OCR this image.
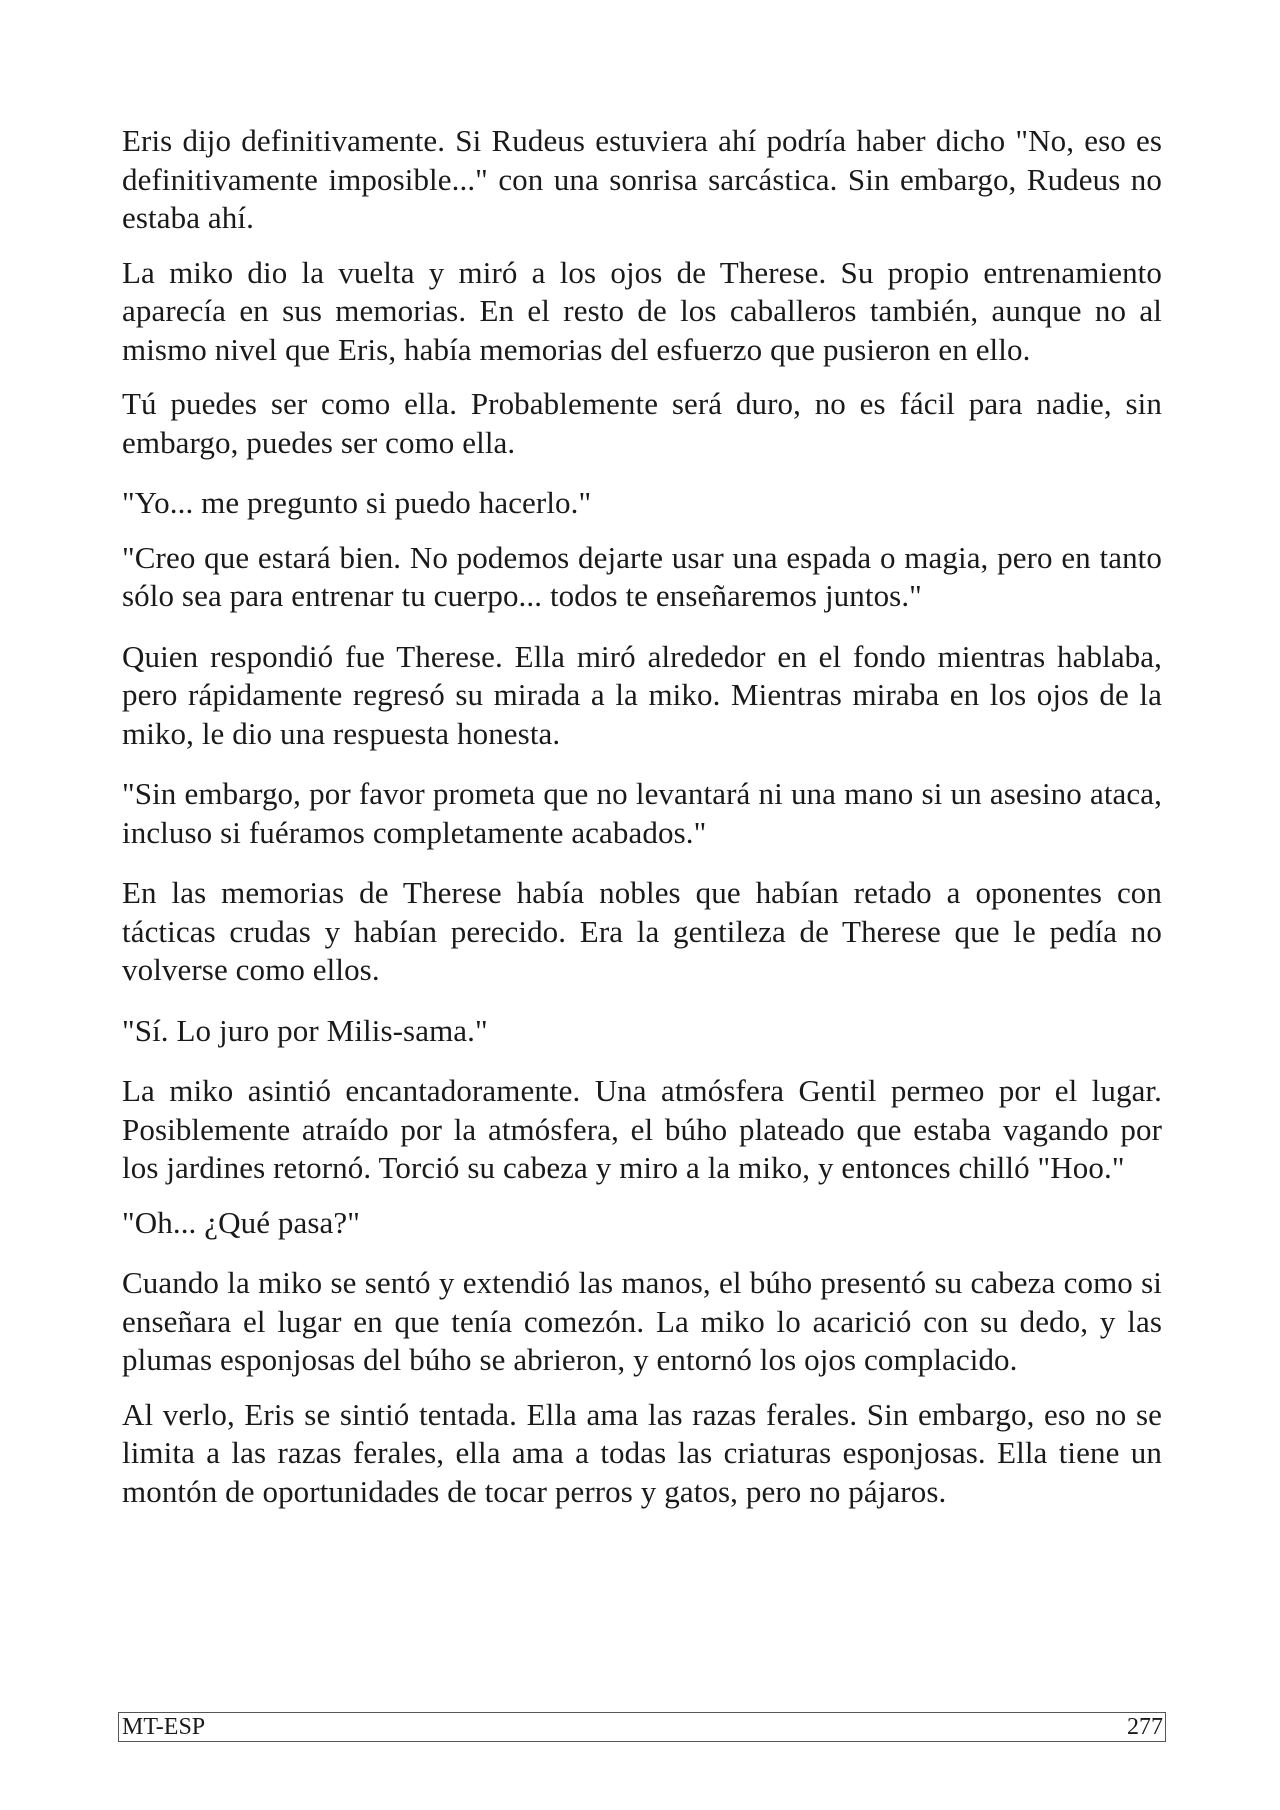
Eris dijo definitivamente. Si Rudeus estuviera ahí podría haber dicho "No, eso es definitivamente imposible..." con una sonrisa sarcástica. Sin embargo, Rudeus no estaba ahí.

La miko dio la vuelta y miró a los ojos de Therese. Su propio entrenamiento aparecía en sus memorias. En el resto de los caballeros también, aunque no al mismo nivel que Eris, había memorias del esfuerzo que pusieron en ello.

Tú puedes ser como ella. Probablemente será duro, no es fácil para nadie, sin embargo, puedes ser como ella.

"Yo... me pregunto si puedo hacerlo."

"Creo que estará bien. No podemos dejarte usar una espada o magia, pero en tanto sólo sea para entrenar tu cuerpo... todos te enseñaremos juntos."

Quien respondió fue Therese. Ella miró alrededor en el fondo mientras hablaba, pero rápidamente regresó su mirada a la miko. Mientras miraba en los ojos de la miko, le dio una respuesta honesta.

"Sin embargo, por favor prometa que no levantará ni una mano si un asesino ataca, incluso si fuéramos completamente acabados."

En las memorias de Therese había nobles que habían retado a oponentes con tácticas crudas y habían perecido. Era la gentileza de Therese que le pedía no volverse como ellos.

"Sí. Lo juro por Milis-sama."

La miko asintió encantadoramente. Una atmósfera Gentil permeo por el lugar. Posiblemente atraído por la atmósfera, el búho plateado que estaba vagando por los jardines retornó. Torció su cabeza y miro a la miko, y entonces chilló "Hoo."

"Oh... ¿Qué pasa?"

Cuando la miko se sentó y extendió las manos, el búho presentó su cabeza como si enseñara el lugar en que tenía comezón. La miko lo acarició con su dedo, y las plumas esponjosas del búho se abrieron, y entornó los ojos complacido.

Al verlo, Eris se sintió tentada. Ella ama las razas ferales. Sin embargo, eso no se limita a las razas ferales, ella ama a todas las criaturas esponjosas. Ella tiene un montón de oportunidades de tocar perros y gatos, pero no pájaros.

MT-ESP	277
